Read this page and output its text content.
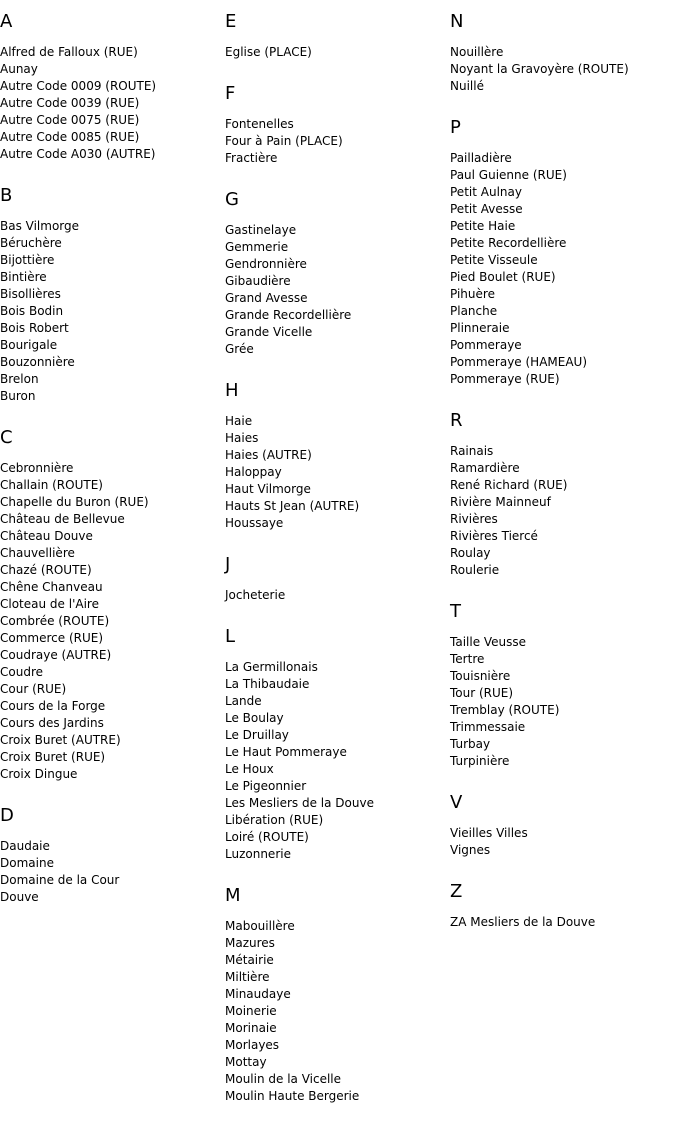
A
Alfred de Falloux (RUE)
Aunay
Autre Code 0009 (ROUTE)
Autre Code 0039 (RUE)
Autre Code 0075 (RUE)
Autre Code 0085 (RUE)
Autre Code A030 (AUTRE)
B
Bas Vilmorge
Béruchère
Bijottière
Bintière
Bisollières
Bois Bodin
Bois Robert
Bourigale
Bouzonnière
Brelon
Buron
C
Cebronnière
Challain (ROUTE)
Chapelle du Buron (RUE)
Château de Bellevue
Château Douve
Chauvellière
Chazé (ROUTE)
Chêne Chanveau
Cloteau de l'Aire
Combrée (ROUTE)
Commerce (RUE)
Coudraye (AUTRE)
Coudre
Cour (RUE)
Cours de la Forge
Cours des Jardins
Croix Buret (AUTRE)
Croix Buret (RUE)
Croix Dingue
D
Daudaie
Domaine
Domaine de la Cour
Douve
E
Eglise (PLACE)
F
Fontenelles
Four à Pain (PLACE)
Fractière
G
Gastinelaye
Gemmerie
Gendronnière
Gibaudière
Grand Avesse
Grande Recordellière
Grande Vicelle
Grée
H
Haie
Haies
Haies (AUTRE)
Haloppay
Haut Vilmorge
Hauts St Jean (AUTRE)
Houssaye
J
Jocheterie
L
La Germillonais
La Thibaudaie
Lande
Le Boulay
Le Druillay
Le Haut Pommeraye
Le Houx
Le Pigeonnier
Les Mesliers de la Douve
Libération (RUE)
Loiré (ROUTE)
Luzonnerie
M
Mabouillère
Mazures
Métairie
Miltière
Minaudaye
Moinerie
Morinaie
Morlayes
Mottay
Moulin de la Vicelle
Moulin Haute Bergerie
N
Nouillère
Noyant la Gravoyère (ROUTE)
Nuillé
P
Pailladière
Paul Guienne (RUE)
Petit Aulnay
Petit Avesse
Petite Haie
Petite Recordellière
Petite Visseule
Pied Boulet (RUE)
Pihuère
Planche
Plinneraie
Pommeraye
Pommeraye (HAMEAU)
Pommeraye (RUE)
R
Rainais
Ramardière
René Richard (RUE)
Rivière Mainneuf
Rivières
Rivières Tiercé
Roulay
Roulerie
T
Taille Veusse
Tertre
Touisnière
Tour (RUE)
Tremblay (ROUTE)
Trimmessaie
Turbay
Turpinière
V
Vieilles Villes
Vignes
Z
ZA Mesliers de la Douve
